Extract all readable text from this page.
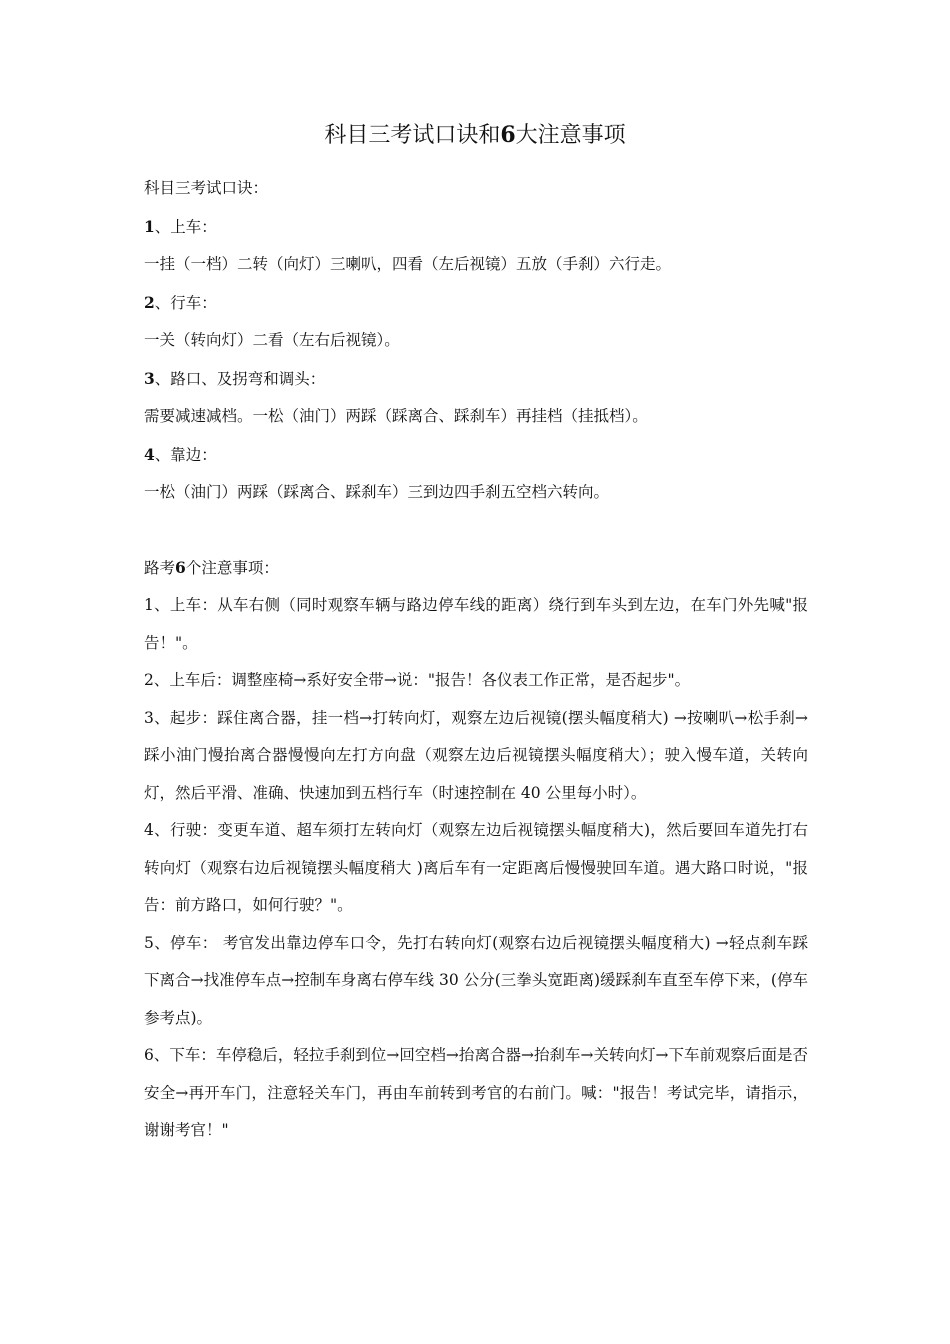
科目三考试口诀和6大注意事项

科目三考试口诀：

1、上车：

一挂（一档）二转（向灯）三喇叭，四看（左后视镜）五放（手刹）六行走。

2、行车：

一关（转向灯）二看（左右后视镜）。

3、路口、及拐弯和调头：

需要减速减档。一松（油门）两踩（踩离合、踩刹车）再挂档（挂抵档）。

4、靠边：

一松（油门）两踩（踩离合、踩刹车）三到边四手刹五空档六转向。

路考6个注意事项：

1、上车：从车右侧（同时观察车辆与路边停车线的距离）绕行到车头到左边，在车门外先喊"报告！"。

2、上车后：调整座椅→系好安全带→说："报告！各仪表工作正常，是否起步"。

3、起步：踩住离合器，挂一档→打转向灯，观察左边后视镜(摆头幅度稍大) →按喇叭→松手刹→踩小油门慢抬离合器慢慢向左打方向盘（观察左边后视镜摆头幅度稍大）；驶入慢车道，关转向灯，然后平滑、准确、快速加到五档行车（时速控制在 40 公里每小时）。

4、行驶：变更车道、超车须打左转向灯（观察左边后视镜摆头幅度稍大)，然后要回车道先打右转向灯（观察右边后视镜摆头幅度稍大 )离后车有一定距离后慢慢驶回车道。遇大路口时说，"报告：前方路口，如何行驶？"。

5、停车： 考官发出靠边停车口令，先打右转向灯(观察右边后视镜摆头幅度稍大) →轻点刹车踩下离合→找准停车点→控制车身离右停车线 30 公分(三拳头宽距离)缓踩刹车直至车停下来，(停车参考点)。

6、下车：车停稳后，轻拉手刹到位→回空档→抬离合器→抬刹车→关转向灯→下车前观察后面是否安全→再开车门，注意轻关车门，再由车前转到考官的右前门。喊："报告！考试完毕，请指示，谢谢考官！"
